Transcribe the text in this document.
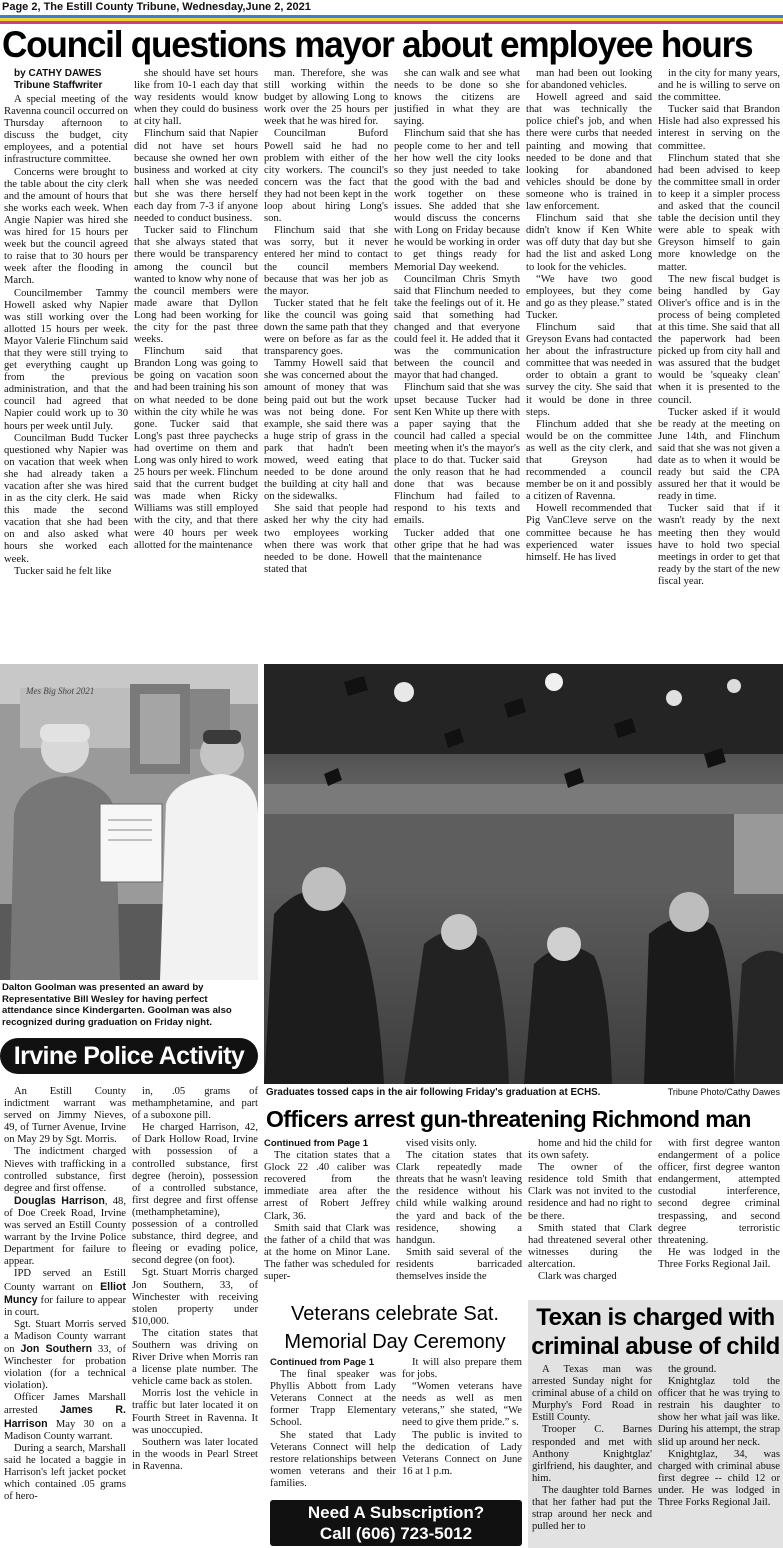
Page 2, The Estill County Tribune, Wednesday,June 2, 2021
Council questions mayor about employee hours

by CATHY DAWES

Tribune Staffwriter

A special meeting of the Ravenna council occurred on Thursday afternoon to discuss the budget, city employees, and a potential infrastructure committee.

Concerns were brought to the table about the city clerk and the amount of hours that she works each week. When Angie Napier was hired she was hired for 15 hours per week but the council agreed to raise that to 30 hours per week after the flooding in March.

Councilmember Tammy Howell asked why Napier was still working over the allotted 15 hours per week. Mayor Valerie Flinchum said that they were still trying to get everything caught up from the previous administration, and that the council had agreed that Napier could work up to 30 hours per week until July.

Councilman Budd Tucker questioned why Napier was on vacation that week when she had already taken a vacation after she was hired in as the city clerk. He said this made the second vacation that she had been on and also asked what hours she worked each week.

Tucker said he felt like

she should have set hours like from 10-1 each day that way residents would know when they could do business at city hall.

Flinchum said that Napier did not have set hours because she owned her own business and worked at city hall when she was needed but she was there herself each day from 7-3 if anyone needed to conduct business.

Tucker said to Flinchum that she always stated that there would be transparency among the council but wanted to know why none of the council members were made aware that Dyllon Long had been working for the city for the past three weeks.

Flinchum said that Brandon Long was going to be going on vacation soon and had been training his son on what needed to be done within the city while he was gone. Tucker said that Long's past three paychecks had overtime on them and Long was only hired to work 25 hours per week. Flinchum said that the current budget was made when Ricky Williams was still employed with the city, and that there were 40 hours per week allotted for the maintenance

man. Therefore, she was still working within the budget by allowing Long to work over the 25 hours per week that he was hired for.

Councilman Buford Powell said he had no problem with either of the city workers. The council's concern was the fact that they had not been kept in the loop about hiring Long's son.

Flinchum said that she was sorry, but it never entered her mind to contact the council members because that was her job as the mayor.

Tucker stated that he felt like the council was going down the same path that they were on before as far as the transparency goes.

Tammy Howell said that she was concerned about the amount of money that was being paid out but the work was not being done. For example, she said there was a huge strip of grass in the park that hadn't been mowed, weed eating that needed to be done around the building at city hall and on the sidewalks.

She said that people had asked her why the city had two employees working when there was work that needed to be done. Howell stated that

she can walk and see what needs to be done so she knows the citizens are justified in what they are saying.

Flinchum said that she has people come to her and tell her how well the city looks so they just needed to take the good with the bad and work together on these issues. She added that she would discuss the concerns with Long on Friday because he would be working in order to get things ready for Memorial Day weekend.

Councilman Chris Smyth said that Flinchum needed to take the feelings out of it. He said that something had changed and that everyone could feel it. He added that it was the communication between the council and mayor that had changed.

Flinchum said that she was upset because Tucker had sent Ken White up there with a paper saying that the council had called a special meeting when it's the mayor's place to do that. Tucker said the only reason that he had done that was because Flinchum had failed to respond to his texts and emails.

Tucker added that one other gripe that he had was that the maintenance

man had been out looking for abandoned vehicles.

Howell agreed and said that was technically the police chief's job, and when there were curbs that needed painting and mowing that needed to be done and that looking for abandoned vehicles should be done by someone who is trained in law enforcement.

Flinchum said that she didn't know if Ken White was off duty that day but she had the list and asked Long to look for the vehicles.

“We have two good employees, but they come and go as they please.” stated Tucker.

Flinchum said that Greyson Evans had contacted her about the infrastructure committee that was needed in order to obtain a grant to survey the city. She said that it would be done in three steps.

Flinchum added that she would be on the committee as well as the city clerk, and that Greyson had recommended a council member be on it and possibly a citizen of Ravenna.

Howell recommended that Pig VanCleve serve on the committee because he has experienced water issues himself. He has lived

in the city for many years, and he is willing to serve on the committee.

Tucker said that Brandon Hisle had also expressed his interest in serving on the committee.

Flinchum stated that she had been advised to keep the committee small in order to keep it a simpler process and asked that the council table the decision until they were able to speak with Greyson himself to gain more knowledge on the matter.

The new fiscal budget is being handled by Gay Oliver's office and is in the process of being completed at this time. She said that all the paperwork had been picked up from city hall and was assured that the budget would be 'squeaky clean' when it is presented to the council.

Tucker asked if it would be ready at the meeting on June 14th, and Flinchum said that she was not given a date as to when it would be ready but said the CPA assured her that it would be ready in time.

Tucker said that if it wasn't ready by the next meeting then they would have to hold two special meetings in order to get that ready by the start of the new fiscal year.

Mes Big Shot 2021
Dalton Goolman was presented an award by Representative Bill Wesley for having perfect attendance since Kindergarten. Goolman was also recognized during graduation on Friday night.
Irvine Police Activity

An Estill County indictment warrant was served on Jimmy Nieves, 49, of Turner Avenue, Irvine on May 29 by Sgt. Morris.

The indictment charged Nieves with trafficking in a controlled substance, first degree and first offense.

Douglas Harrison, 48, of Doe Creek Road, Irvine was served an Estill County warrant by the Irvine Police Department for failure to appear.

IPD served an Estill County warrant on Elliot Muncy for failure to appear in court.

Sgt. Stuart Morris served a Madison County warrant on Jon Southern 33, of Winchester for probation violation (for a technical violation).

Officer James Marshall arrested James R. Harrison May 30 on a Madison County warrant.

During a search, Marshall said he located a baggie in Harrison's left jacket pocket which contained .05 grams of hero-

in, .05 grams of methamphetamine, and part of a suboxone pill.

He charged Harrison, 42, of Dark Hollow Road, Irvine with possession of a controlled substance, first degree (heroin), possession of a controlled substance, first degree and first offense (methamphetamine), possession of a controlled substance, third degree, and fleeing or evading police, second degree (on foot).

Sgt. Stuart Morris charged Jon Southern, 33, of Winchester with receiving stolen property under $10,000.

The citation states that Southern was driving on River Drive when Morris ran a license plate number. The vehicle came back as stolen.

Morris lost the vehicle in traffic but later located it on Fourth Street in Ravenna. It was unoccupied.

Southern was later located in the woods in Pearl Street in Ravenna.

Graduates tossed caps in the air following Friday's graduation at ECHS.	Tribune Photo/Cathy Dawes
Officers arrest gun-threatening Richmond man

Continued from Page 1

The citation states that a Glock 22 .40 caliber was recovered from the immediate area after the arrest of Robert Jeffrey Clark, 36.

Smith said that Clark was the father of a child that was at the home on Minor Lane. The father was scheduled for super-

vised visits only.

The citation states that Clark repeatedly made threats that he wasn't leaving the residence without his child while walking around the yard and back of the residence, showing a handgun.

Smith said several of the residents barricaded themselves inside the

home and hid the child for its own safety.

The owner of the residence told Smith that Clark was not invited to the residence and had no right to be there.

Smith stated that Clark had threatened several other witnesses during the altercation.

Clark was charged

with first degree wanton endangerment of a police officer, first degree wanton endangerment, attempted custodial interference, second degree criminal trespassing, and second degree terroristic threatening.

He was lodged in the Three Forks Regional Jail.

Veterans celebrate Sat.
Memorial Day Ceremony

Continued from Page 1

The final speaker was Phyllis Abbott from Lady Veterans Connect at the former Trapp Elementary School.

She stated that Lady Veterans Connect will help restore relationships between women veterans and their families.

It will also prepare them for jobs.

“Women veterans have needs as well as men veterans,” she stated, “We need to give them pride.” s.

The public is invited to the dedication of Lady Veterans Connect on June 16 at 1 p.m.

Need A Subscription?
Call (606) 723-5012
Texan is charged with
criminal abuse of child

A Texas man was arrested Sunday night for criminal abuse of a child on Murphy's Ford Road in Estill County.

Trooper C. Barnes responded and met with Anthony Knightglaz' girlfriend, his daughter, and him.

The daughter told Barnes that her father had put the strap around her neck and pulled her to

the ground.

Knightglaz told the officer that he was trying to restrain his daughter to show her what jail was like. During his attempt, the strap slid up around her neck.

Knightglaz, 34, was charged with criminal abuse first degree -- child 12 or under. He was lodged in Three Forks Regional Jail.
